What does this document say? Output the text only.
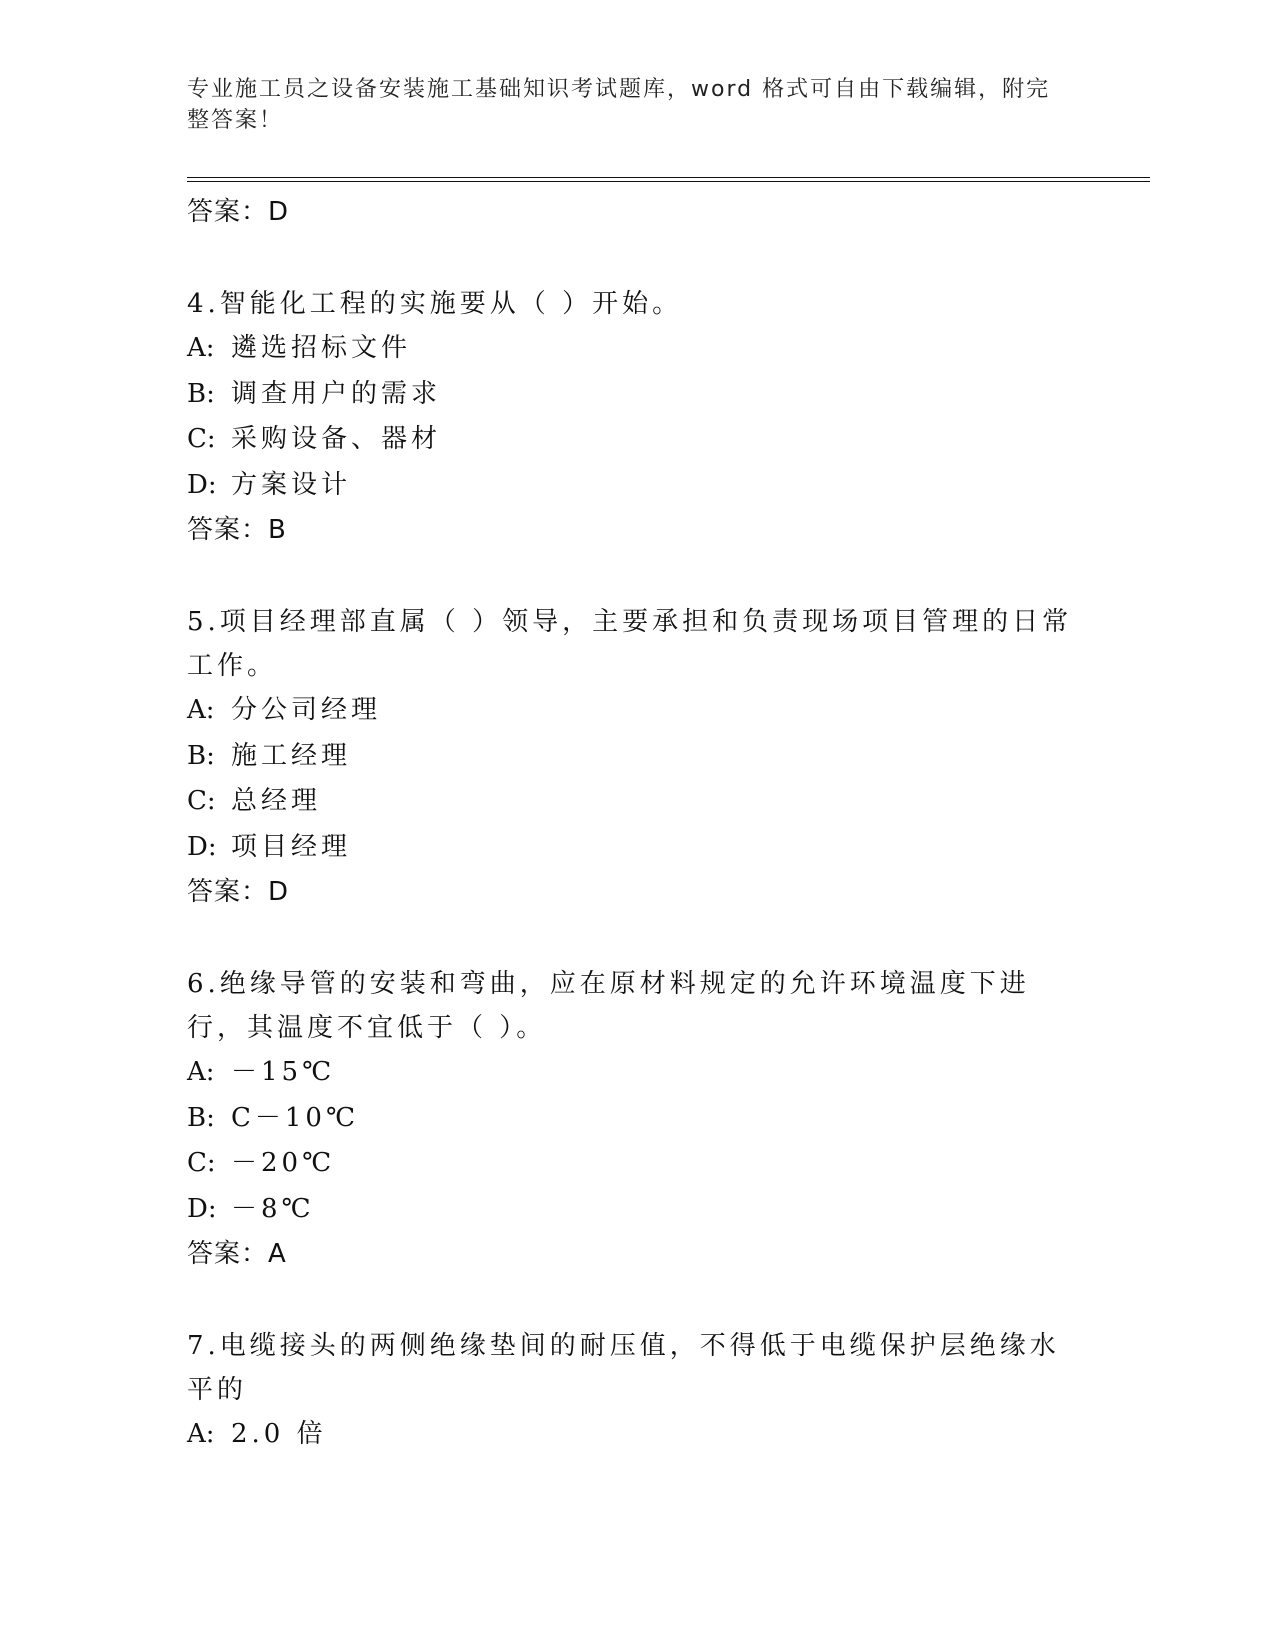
专业施工员之设备安装施工基础知识考试题库，word 格式可自由下载编辑，附完整答案！
答案：D
4.智能化工程的实施要从（ ）开始。
A: 遴选招标文件
B: 调查用户的需求
C: 采购设备、器材
D: 方案设计
答案：B
5.项目经理部直属（ ）领导，主要承担和负责现场项目管理的日常工作。
A: 分公司经理
B: 施工经理
C: 总经理
D: 项目经理
答案：D
6.绝缘导管的安装和弯曲，应在原材料规定的允许环境温度下进行，其温度不宜低于（ ）。
A: －15℃
B: C－10℃
C: －20℃
D: －8℃
答案：A
7.电缆接头的两侧绝缘垫间的耐压值，不得低于电缆保护层绝缘水平的
A: 2.0 倍
